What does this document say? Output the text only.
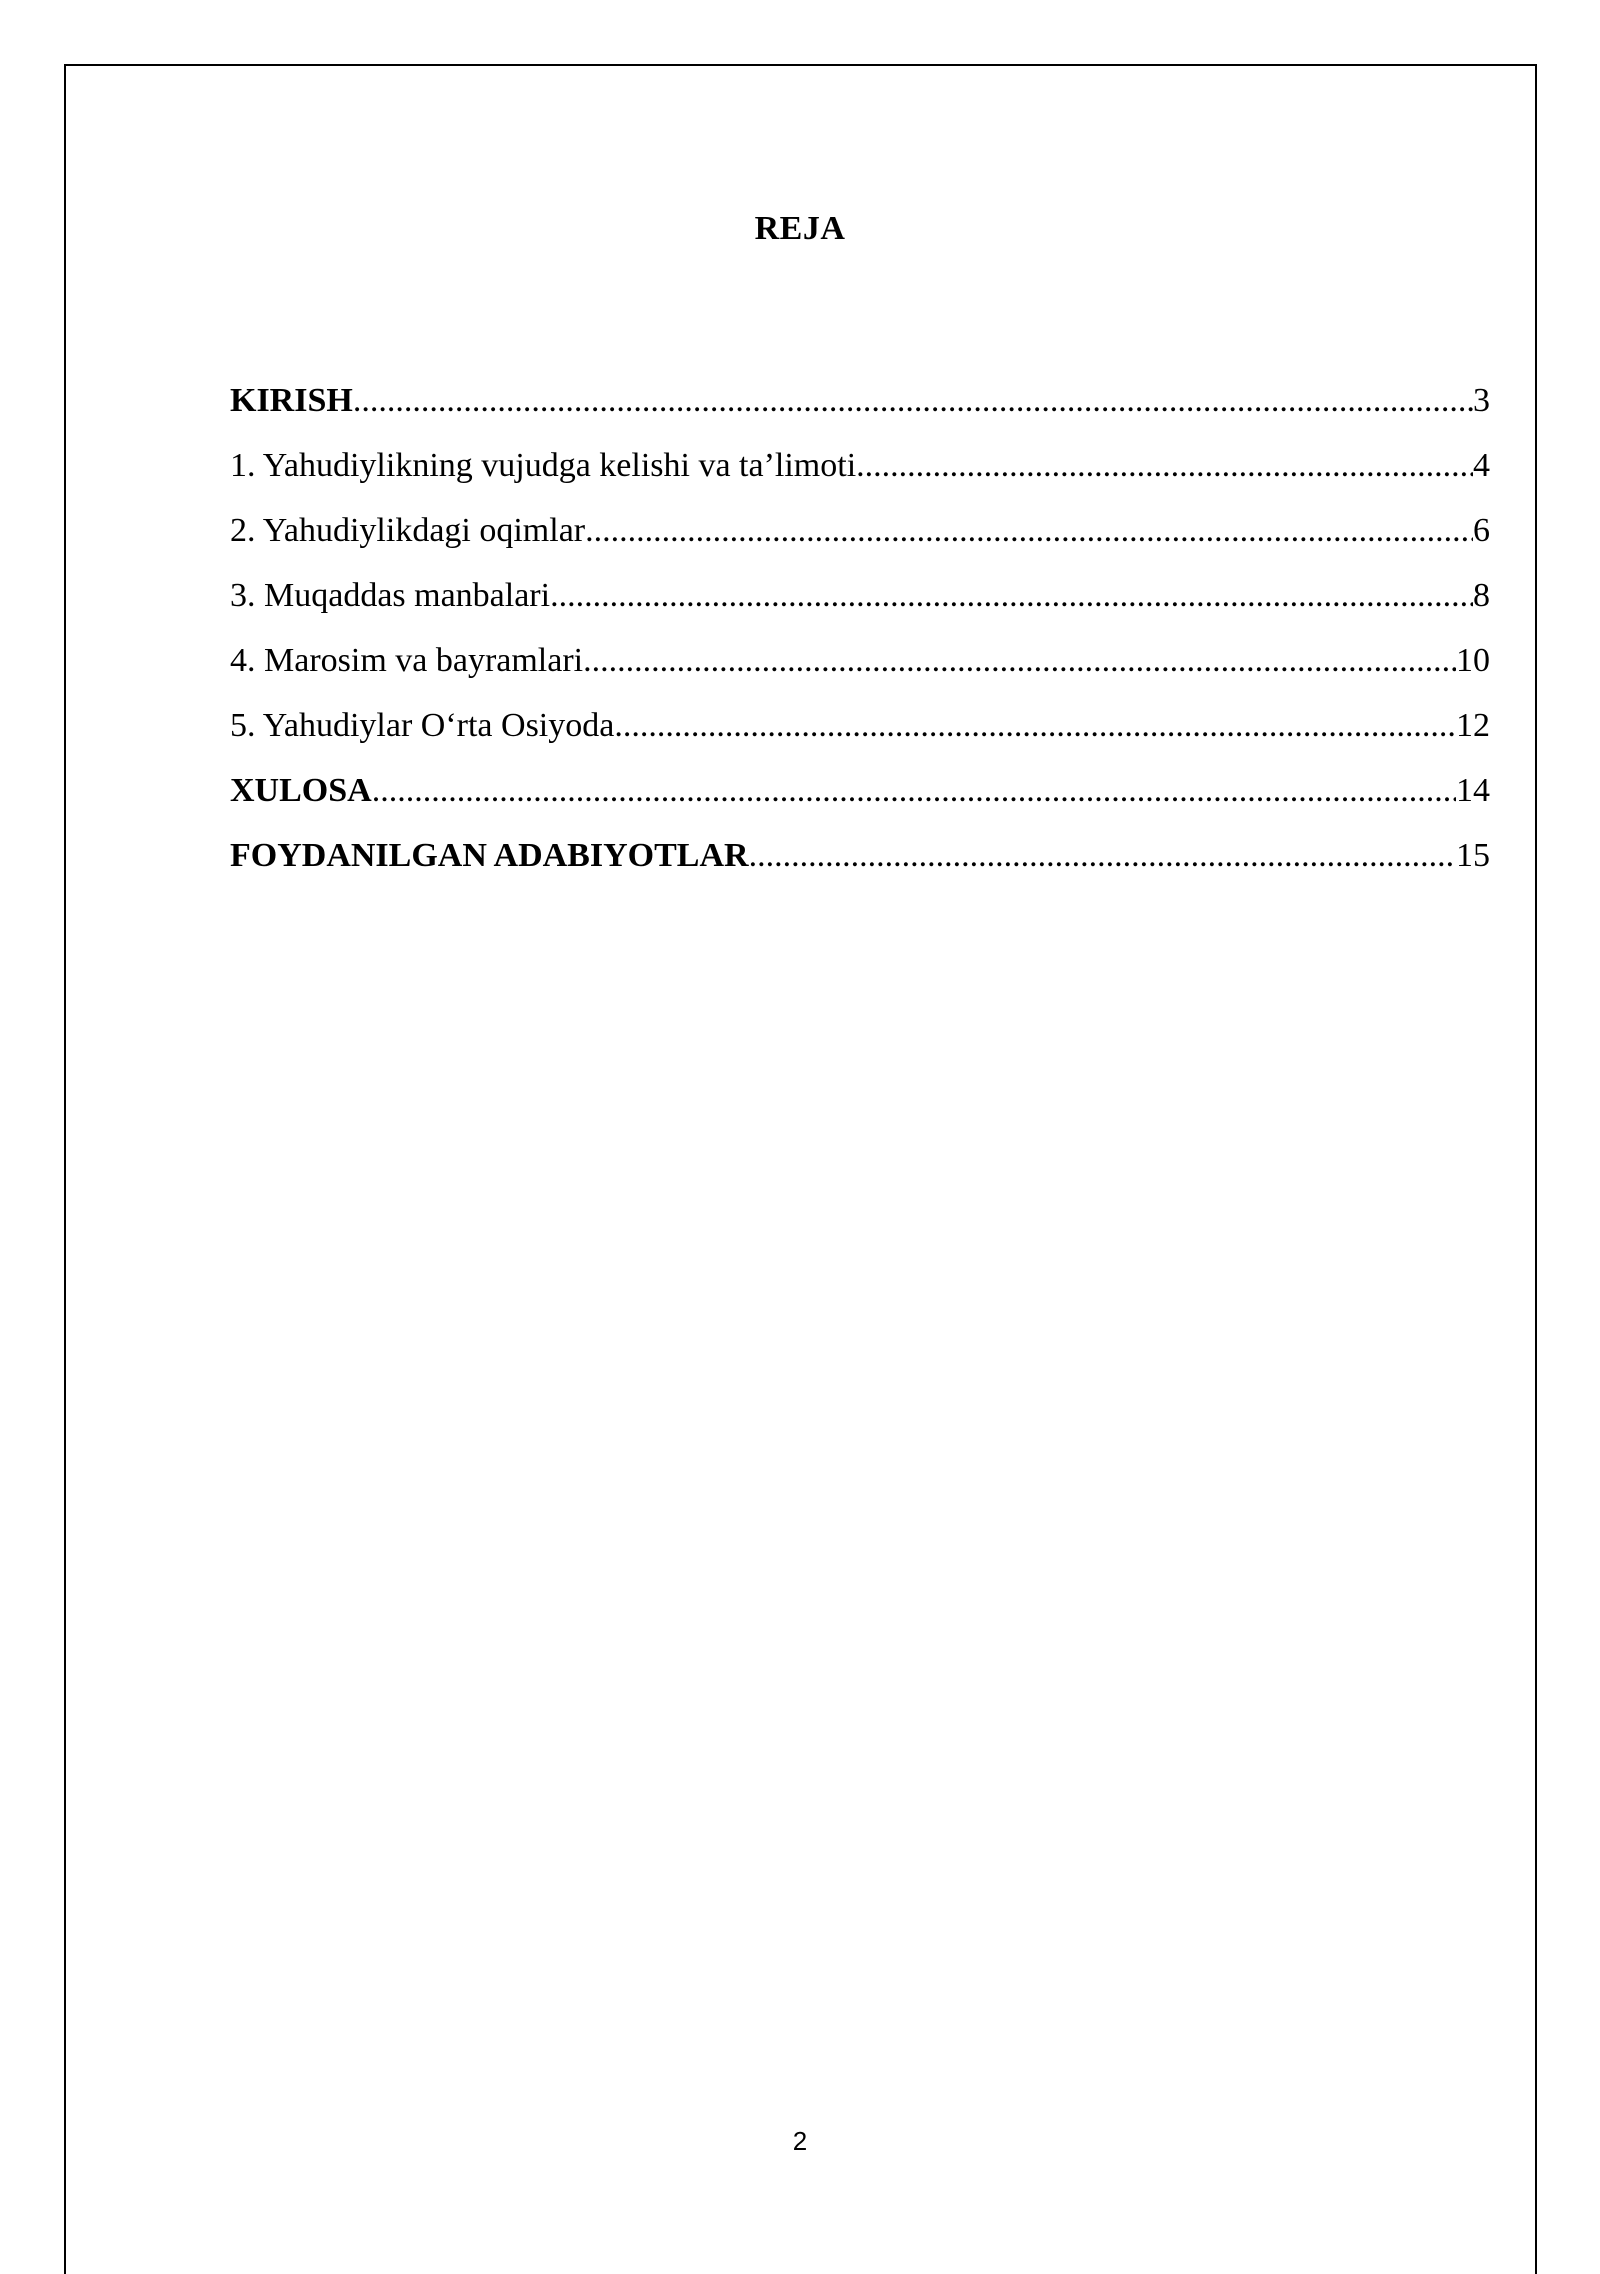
REJA
KIRISH .....	3
1. Yahudiylikning vujudga kelishi va ta’limoti .....	4
2. Yahudiylikdagi oqimlar .....	6
3. Muqaddas manbalari .....	8
4. Marosim va bayramlari .....	10
5. Yahudiylar O‘rta Osiyoda .....	12
XULOSA .....	14
FOYDANILGAN ADABIYOTLAR .....	15
2
